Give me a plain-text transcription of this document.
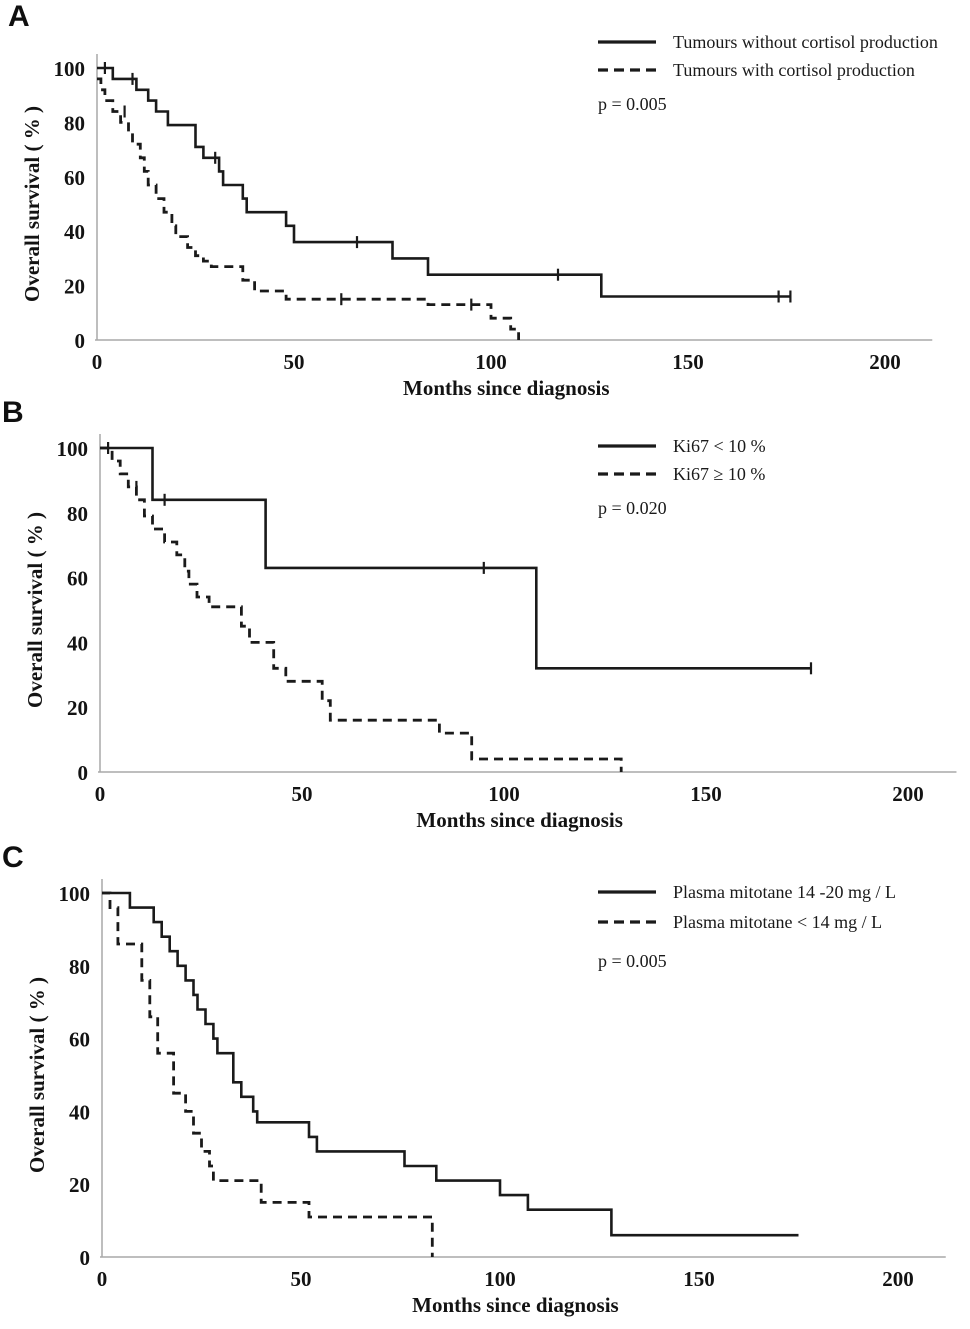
A
0
20
40
60
80
100
0	50	100	150	200
Overall survival ( % )
Months since diagnosis
Tumours without cortisol production
Tumours with cortisol production
p = 0.005
B
0
20
40
60
80
100
0	50	100	150	200
Overall survival ( % )
Months since diagnosis
Ki67 < 10 %
Ki67 ≥ 10 %
p = 0.020
C
0
20
40
60
80
100
0	50	100	150	200
Overall survival ( % )
Months since diagnosis
Plasma mitotane 14 -20 mg / L
Plasma mitotane < 14 mg / L
p = 0.005
